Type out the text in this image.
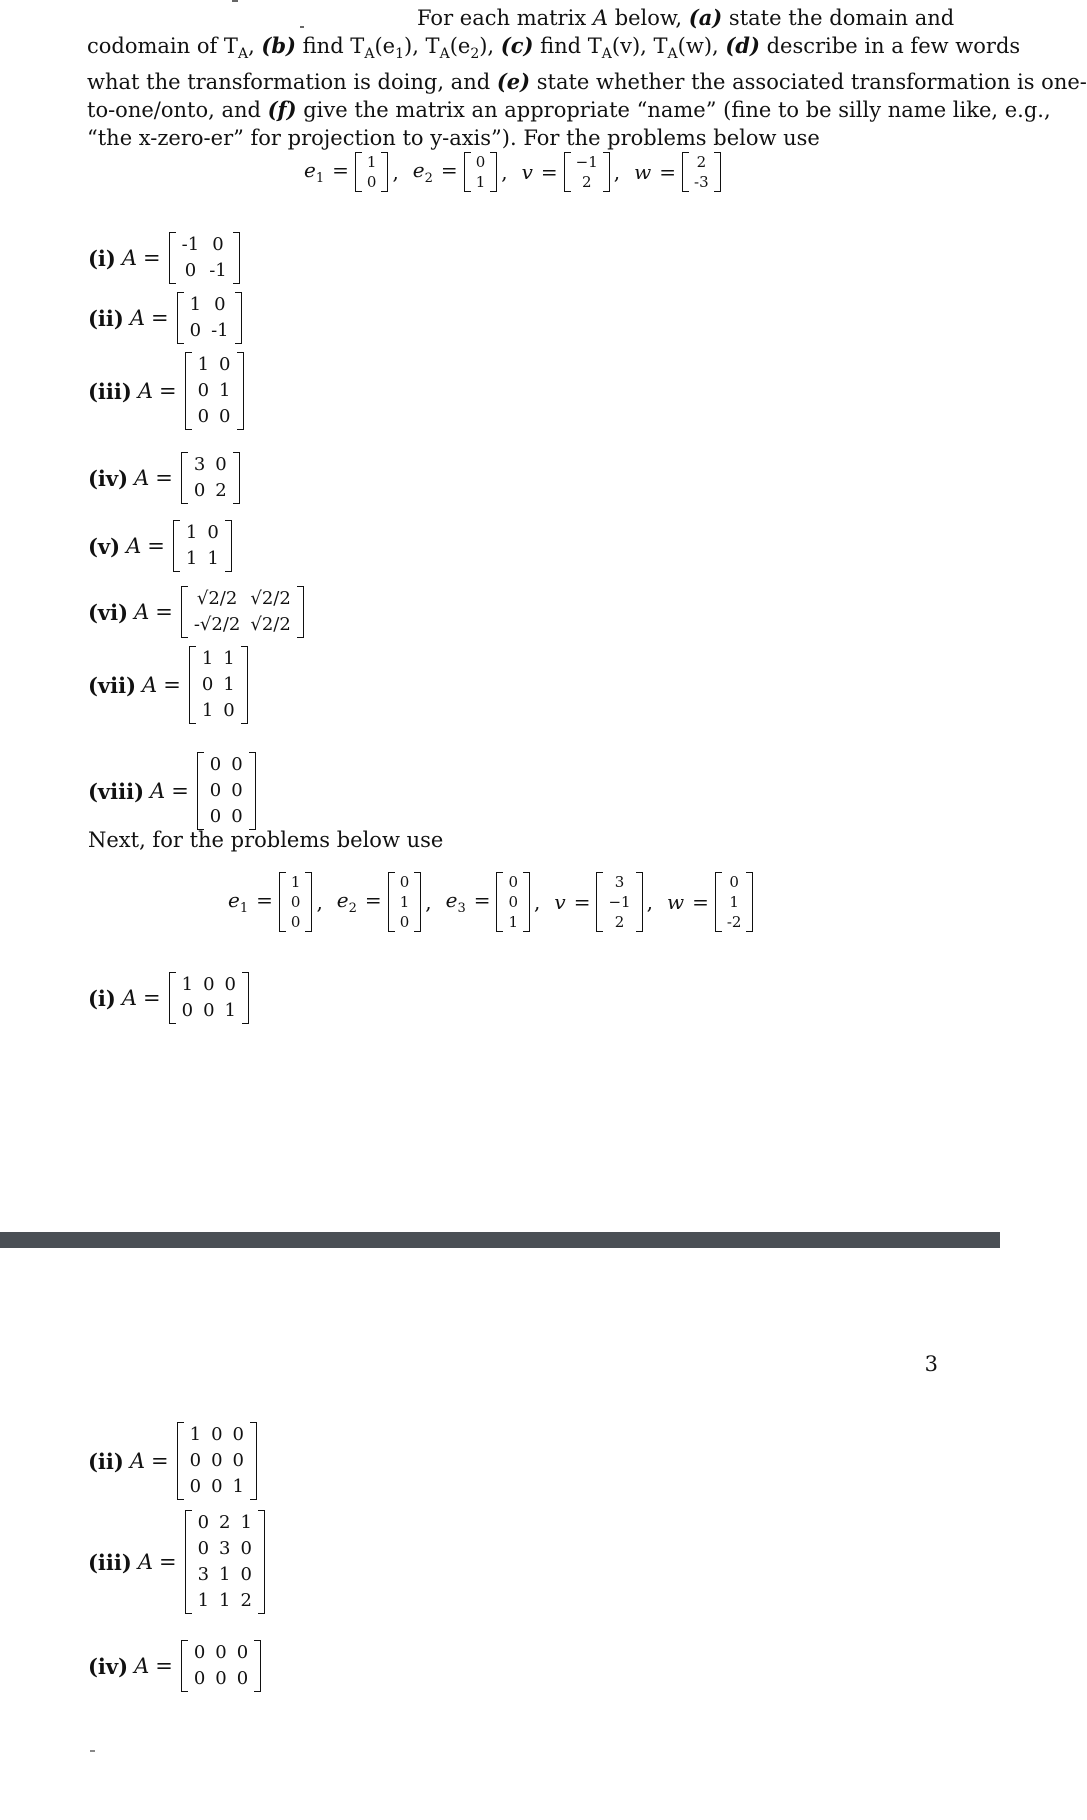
For each matrix A below, (a) state the domain and
codomain of $T_A$, (b) find $T_A(e_1)$, $T_A(e_2)$, (c) find $T_A(v)$, $T_A(w)$, (d) describe in a few words
what the transformation is doing, and (e) state whether the associated transformation is one-
to-one/onto, and (f) give the matrix an appropriate “name” (fine to be silly name like, e.g.,
“the x-zero-er” for projection to y-axis”). For the problems below use
$e_1 = 1$
0 , $e_2 = 0$
1 , v = −1
2 , w = 2
-3
(i) A =
-1	0
0	-1
(ii) A =
1	0
0	-1
(iii) A =
1	0
0	1
0	0
(iv) A =
3	0
0	2
(v) A =
1	0
1	1
(vi) A =
√2/2	√2/2
-√2/2	√2/2
(vii) A =
1	1
0	1
1	0
(viii) A =
0	0
0	0
0	0
Next, for the problems below use
$e_1$ =
1
0
0
, $e_2$ =
0
1
0
, $e_3$ =
0
0
1
, v =
3
−1
2
, w =
0
1
-2
(i) A =
1	0	0
0	0	1
(ii) A =
1	0	0
0	0	0
0	0	1
(iii) A =
0	2	1
0	3	0
3	1	0
1	1	2
(iv) A =
0	0	0
0	0	0
3
